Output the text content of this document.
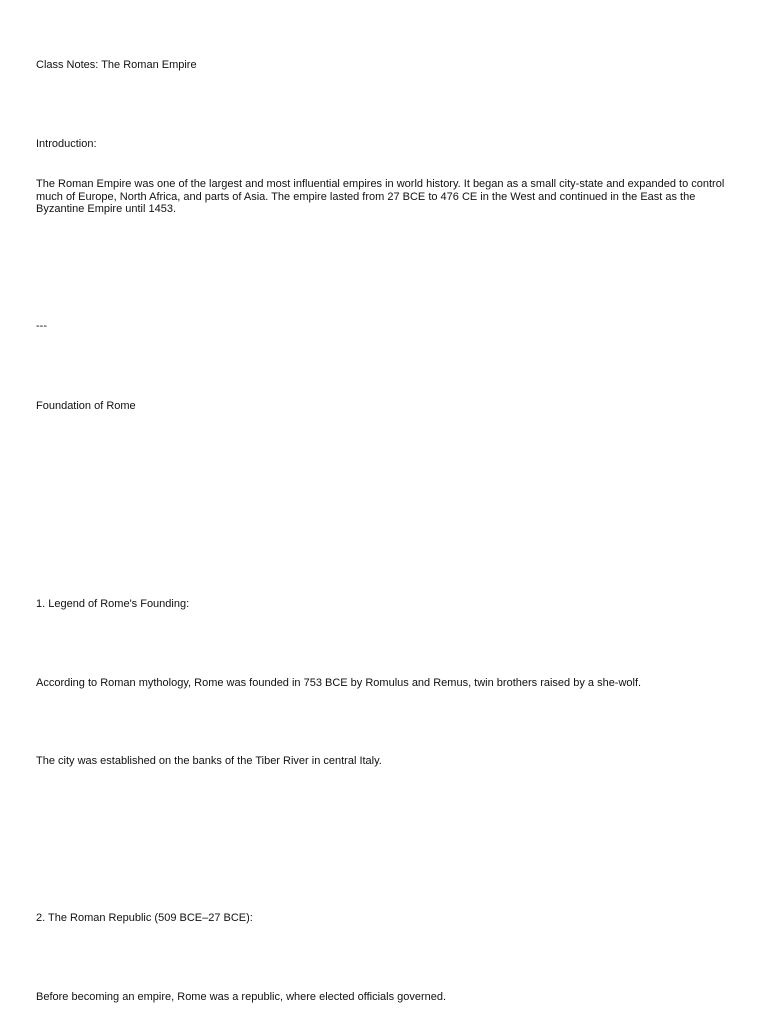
Class Notes: The Roman Empire

Introduction:

The Roman Empire was one of the largest and most influential empires in world history. It began as a small city-state and expanded to control much of Europe, North Africa, and parts of Asia. The empire lasted from 27 BCE to 476 CE in the West and continued in the East as the Byzantine Empire until 1453.

---

Foundation of Rome

1. Legend of Rome's Founding:

According to Roman mythology, Rome was founded in 753 BCE by Romulus and Remus, twin brothers raised by a she-wolf.

The city was established on the banks of the Tiber River in central Italy.

2. The Roman Republic (509 BCE–27 BCE):

Before becoming an empire, Rome was a republic, where elected officials governed.
